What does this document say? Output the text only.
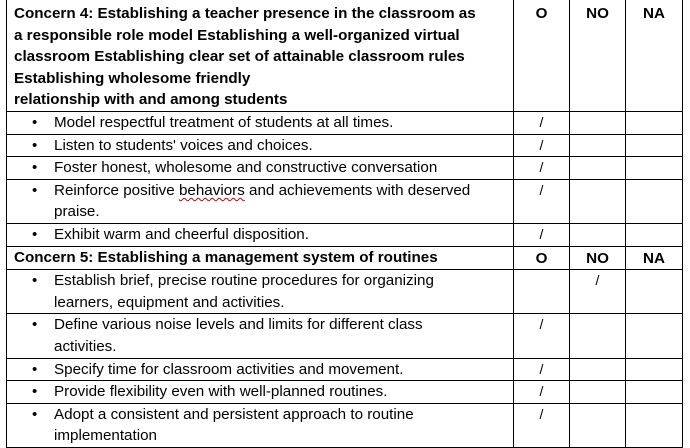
Concern 4: Establishing a teacher presence in the classroom as
a responsible role model Establishing a well-organized virtual
classroom Establishing clear set of attainable classroom rules
Establishing wholesome friendly
relationship with and among students	O	NO	NA

• Model respectful treatment of students at all times.	/		

• Listen to students' voices and choices.	/		

• Foster honest, wholesome and constructive conversation	/		

• Reinforce positive behaviors and achievements with deserved
praise.	/		

• Exhibit warm and cheerful disposition.	/		
Concern 5: Establishing a management system of routines	O	NO	NA

• Establish brief, precise routine procedures for organizing
learners, equipment and activities.		/	

• Define various noise levels and limits for different class
activities.	/		

• Specify time for classroom activities and movement.	/		

• Provide flexibility even with well-planned routines.	/		

• Adopt a consistent and persistent approach to routine
implementation	/		
